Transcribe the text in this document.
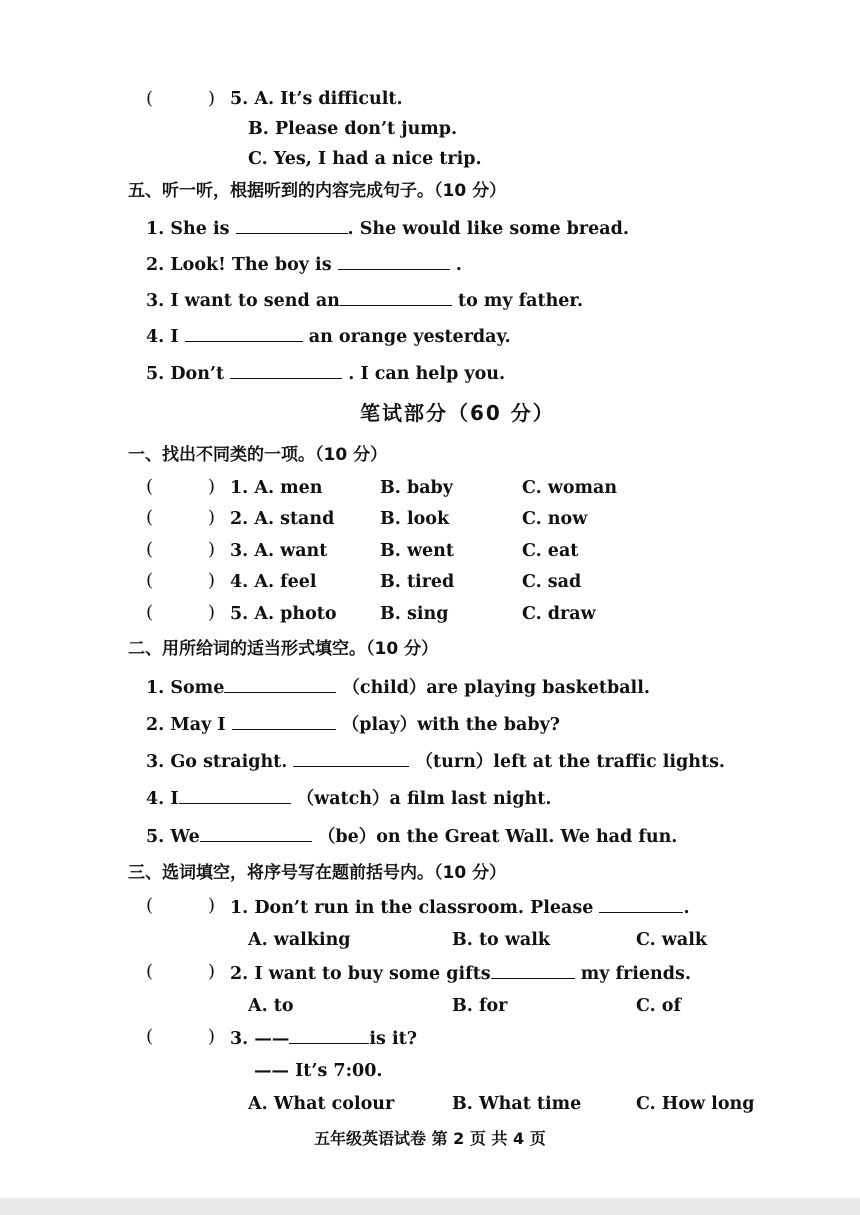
(	) 5. A. It’s difficult.
B. Please don’t jump.
C. Yes, I had a nice trip.
五、听一听，根据听到的内容完成句子。（10 分）
1. She is	. She would like some bread.
2. Look! The boy is	.
3. I want to send an	to my father.
4. I	an orange yesterday.
5. Don’t	. I can help you.
笔试部分（60 分）
一、找出不同类的一项。（10 分）
(	) 1. A. men	B. baby	C. woman
(	) 2. A. stand	B. look	C. now
(	) 3. A. want	B. went	C. eat
(	) 4. A. feel	B. tired	C. sad
(	) 5. A. photo B. sing	C. draw
二、用所给词的适当形式填空。（10 分）
1. Some	（child）are playing basketball.
2. May I	（play）with the baby?
3. Go straight.	（turn）left at the traffic lights.
4. I	（watch）a film last night.
5. We	（be）on the Great Wall. We had fun.
三、选词填空，将序号写在题前括号内。（10 分）
(	) 1. Don’t run in the classroom. Please	.
A. walking	B. to walk	C. walk
(	) 2. I want to buy some gifts	my friends.
A. to	B. for	C. of
(	) 3. ——	is it?
—— It’s 7:00.
A. What colour	B. What time	C. How long
五年级英语试卷 第 2 页 共 4 页
